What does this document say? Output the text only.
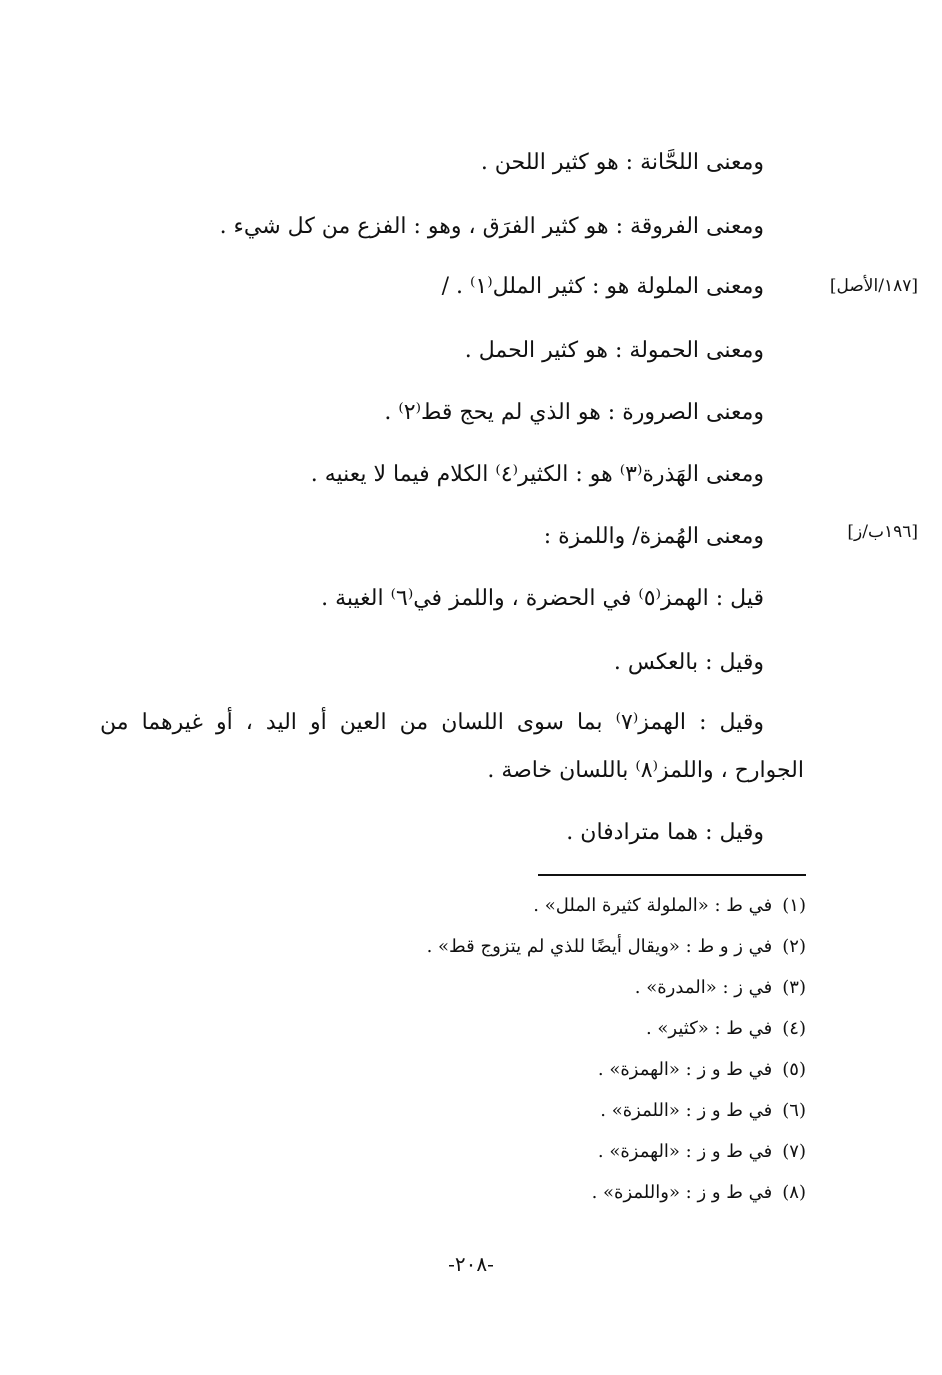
ومعنى اللحَّانة : هو كثير اللحن .
ومعنى الفروقة : هو كثير الفرَق ، وهو : الفزع من كل شيء .
ومعنى الملولة هو : كثير الملل⁽١⁾ . /	[١٨٧/الأصل]
ومعنى الحمولة : هو كثير الحمل .
ومعنى الصرورة : هو الذي لم يحج قط⁽٢⁾ .
ومعنى الهَذرة⁽٣⁾ هو : الكثير⁽٤⁾ الكلام فيما لا يعنيه .
ومعنى الهُمزة/ واللمزة :	[١٩٦ب/ز]
قيل : الهمز⁽٥⁾ في الحضرة ، واللمز في⁽٦⁾ الغيبة .
وقيل : بالعكس .
وقيل : الهمز⁽٧⁾ بما سوى اللسان من العين أو اليد ، أو غيرهما من
الجوارح ، واللمز⁽٨⁾ باللسان خاصة .
وقيل : هما مترادفان .
(١)في ط : «الملولة كثيرة الملل» .
(٢)في ز و ط : «ويقال أيضًا للذي لم يتزوج قط» .
(٣)في ز : «المدرة» .
(٤)في ط : «كثير» .
(٥)في ط و ز : «الهمزة» .
(٦)في ط و ز : «اللمزة» .
(٧)في ط و ز : «الهمزة» .
(٨)في ط و ز : «واللمزة» .
-٢٠٨-
